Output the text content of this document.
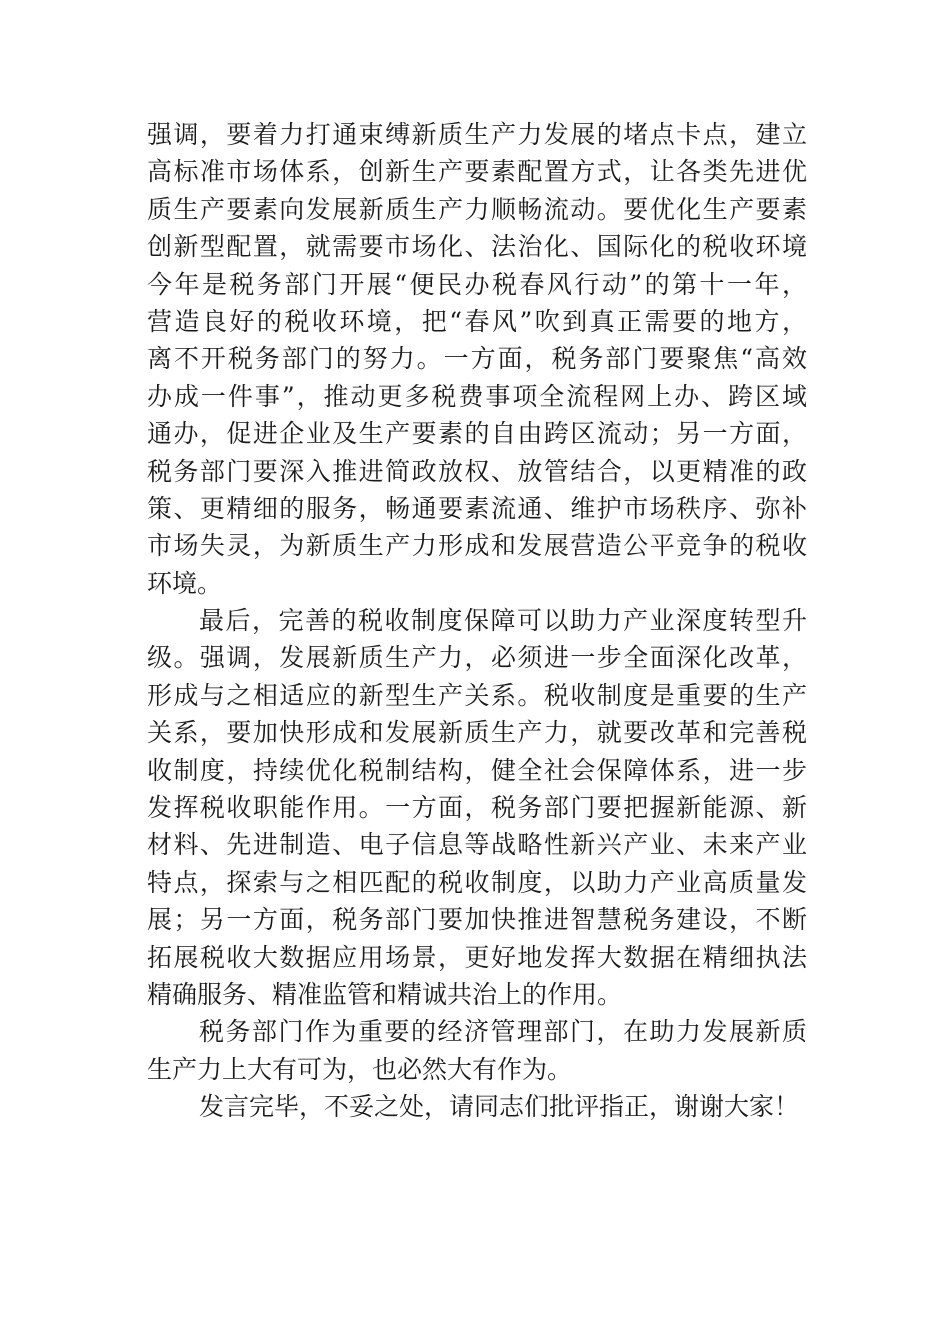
强调，要着力打通束缚新质生产力发展的堵点卡点，建立
高标准市场体系，创新生产要素配置方式，让各类先进优
质生产要素向发展新质生产力顺畅流动。要优化生产要素
创新型配置，就需要市场化、法治化、国际化的税收环境
今年是税务部门开展“便民办税春风行动”的第十一年，
营造良好的税收环境，把“春风”吹到真正需要的地方，
离不开税务部门的努力。一方面，税务部门要聚焦“高效
办成一件事”，推动更多税费事项全流程网上办、跨区域
通办，促进企业及生产要素的自由跨区流动；另一方面，
税务部门要深入推进简政放权、放管结合，以更精准的政
策、更精细的服务，畅通要素流通、维护市场秩序、弥补
市场失灵，为新质生产力形成和发展营造公平竞争的税收
环境。
最后，完善的税收制度保障可以助力产业深度转型升
级。强调，发展新质生产力，必须进一步全面深化改革，
形成与之相适应的新型生产关系。税收制度是重要的生产
关系，要加快形成和发展新质生产力，就要改革和完善税
收制度，持续优化税制结构，健全社会保障体系，进一步
发挥税收职能作用。一方面，税务部门要把握新能源、新
材料、先进制造、电子信息等战略性新兴产业、未来产业
特点，探索与之相匹配的税收制度，以助力产业高质量发
展；另一方面，税务部门要加快推进智慧税务建设，不断
拓展税收大数据应用场景，更好地发挥大数据在精细执法
精确服务、精准监管和精诚共治上的作用。
税务部门作为重要的经济管理部门，在助力发展新质
生产力上大有可为，也必然大有作为。
发言完毕，不妥之处，请同志们批评指正，谢谢大家！
